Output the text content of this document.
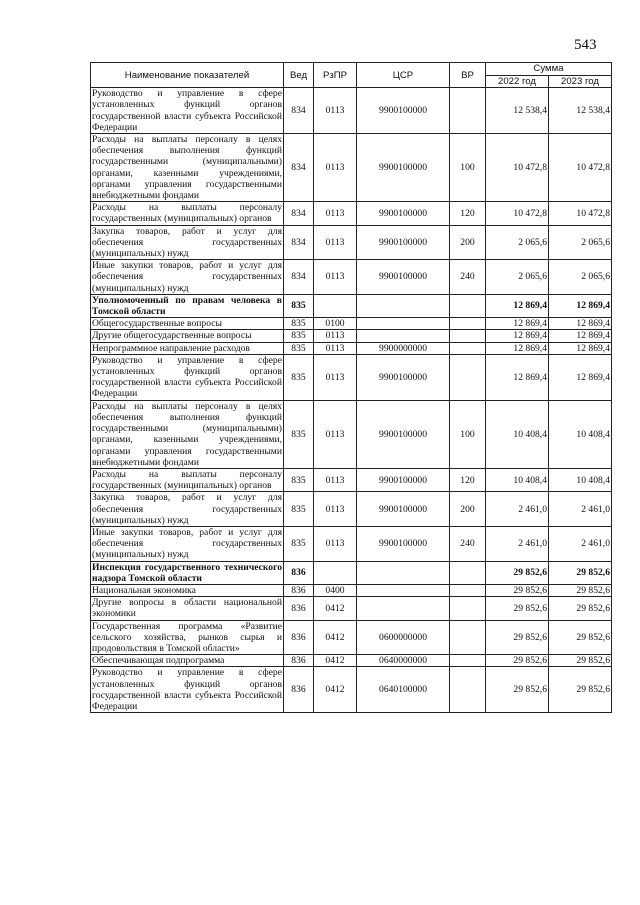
543
Наименование показателей	Вед	РзПР	ЦСР	ВР	Сумма	
					2022 год	2023 год
Руководство и управление в сфере установленных функций органов государственной власти субъекта Российской Федерации	834	0113	9900100000		12 538,4	12 538,4
Расходы на выплаты персоналу в целях обеспечения выполнения функций государственными (муниципальными) органами, казенными учреждениями, органами управления государственными внебюджетными фондами	834	0113	9900100000	100	10 472,8	10 472,8
Расходы на выплаты персоналу государственных (муниципальных) органов	834	0113	9900100000	120	10 472,8	10 472,8
Закупка товаров, работ и услуг для обеспечения государственных (муниципальных) нужд	834	0113	9900100000	200	2 065,6	2 065,6
Иные закупки товаров, работ и услуг для обеспечения государственных (муниципальных) нужд	834	0113	9900100000	240	2 065,6	2 065,6
Уполномоченный по правам человека в Томской области	835				12 869,4	12 869,4
Общегосударственные вопросы	835	0100			12 869,4	12 869,4
Другие общегосударственные вопросы	835	0113			12 869,4	12 869,4
Непрограммное направление расходов	835	0113	9900000000		12 869,4	12 869,4
Руководство и управление в сфере установленных функций органов государственной власти субъекта Российской Федерации	835	0113	9900100000		12 869,4	12 869,4
Расходы на выплаты персоналу в целях обеспечения выполнения функций государственными (муниципальными) органами, казенными учреждениями, органами управления государственными внебюджетными фондами	835	0113	9900100000	100	10 408,4	10 408,4
Расходы на выплаты персоналу государственных (муниципальных) органов	835	0113	9900100000	120	10 408,4	10 408,4
Закупка товаров, работ и услуг для обеспечения государственных (муниципальных) нужд	835	0113	9900100000	200	2 461,0	2 461,0
Иные закупки товаров, работ и услуг для обеспечения государственных (муниципальных) нужд	835	0113	9900100000	240	2 461,0	2 461,0
Инспекция государственного технического надзора Томской области	836				29 852,6	29 852,6
Национальная экономика	836	0400			29 852,6	29 852,6
Другие вопросы в области национальной экономики	836	0412			29 852,6	29 852,6
Государственная программа «Развитие сельского хозяйства, рынков сырья и продовольствия в Томской области»	836	0412	0600000000		29 852,6	29 852,6
Обеспечивающая подпрограмма	836	0412	0640000000		29 852,6	29 852,6
Руководство и управление в сфере установленных функций органов государственной власти субъекта Российской Федерации	836	0412	0640100000		29 852,6	29 852,6
